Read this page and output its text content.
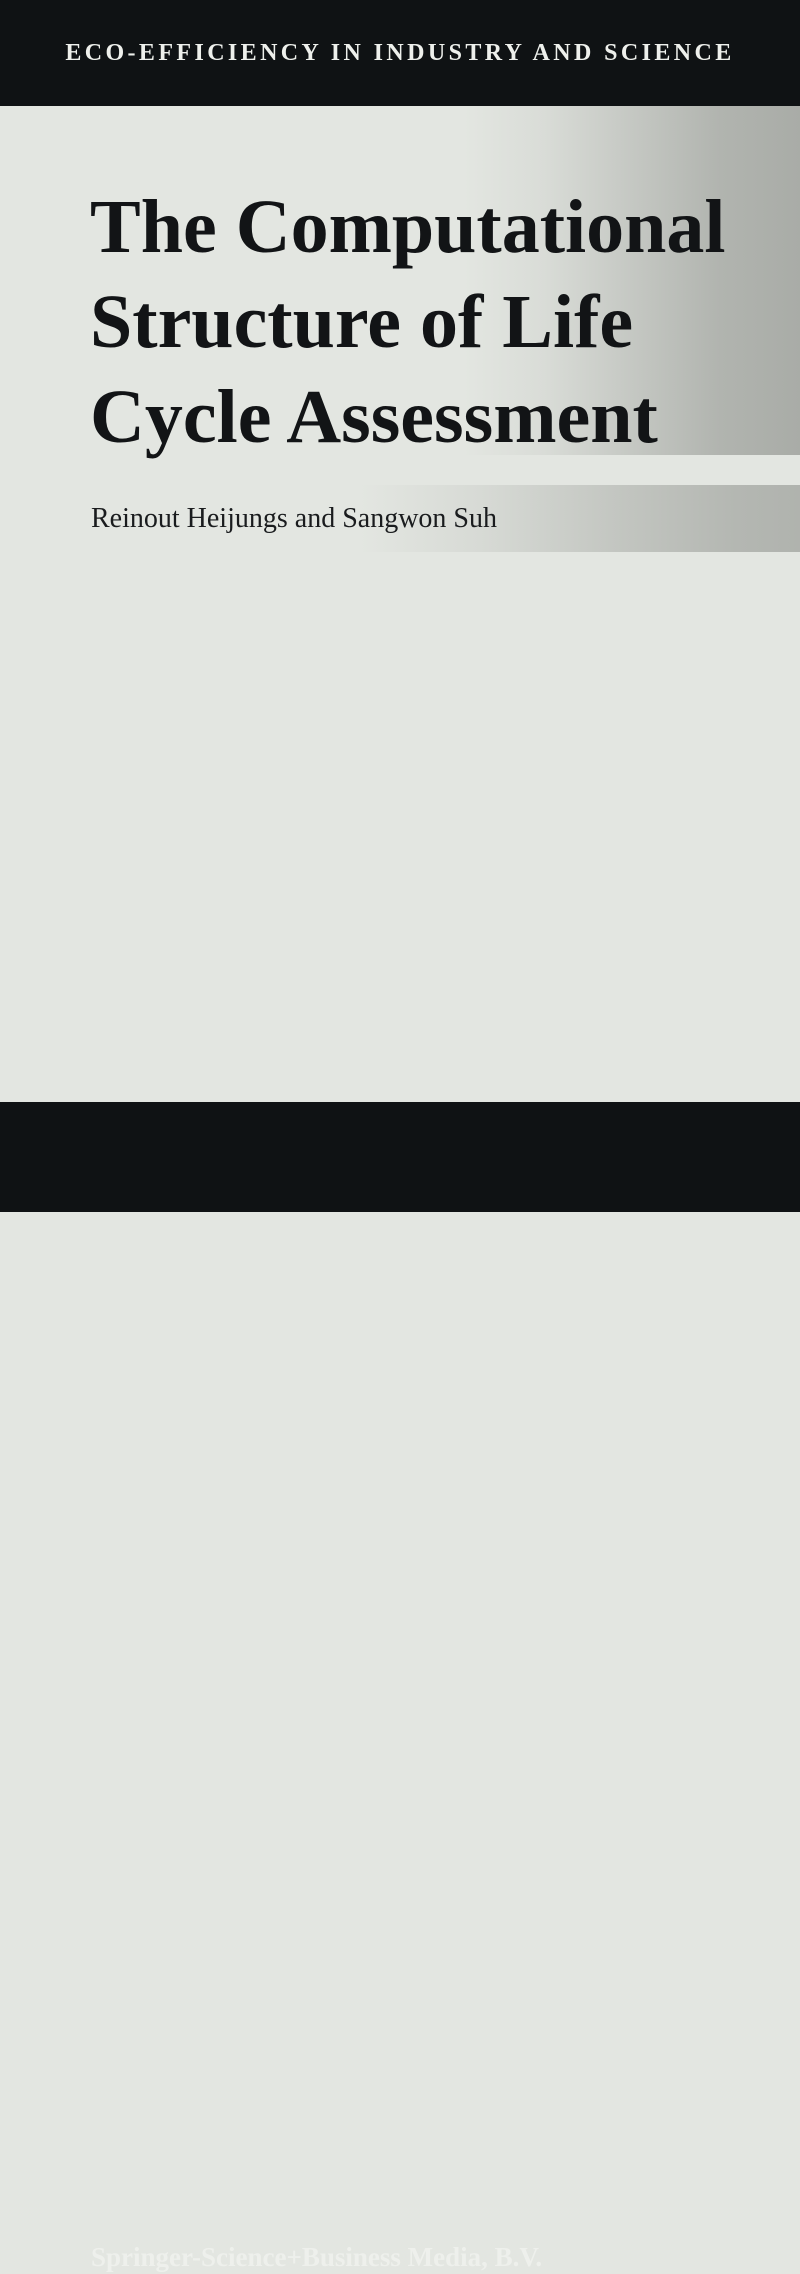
ECO-EFFICIENCY IN INDUSTRY AND SCIENCE
The Computational
Structure of Life
Cycle Assessment
Reinout Heijungs and Sangwon Suh
Springer-Science+Business Media, B.V.
